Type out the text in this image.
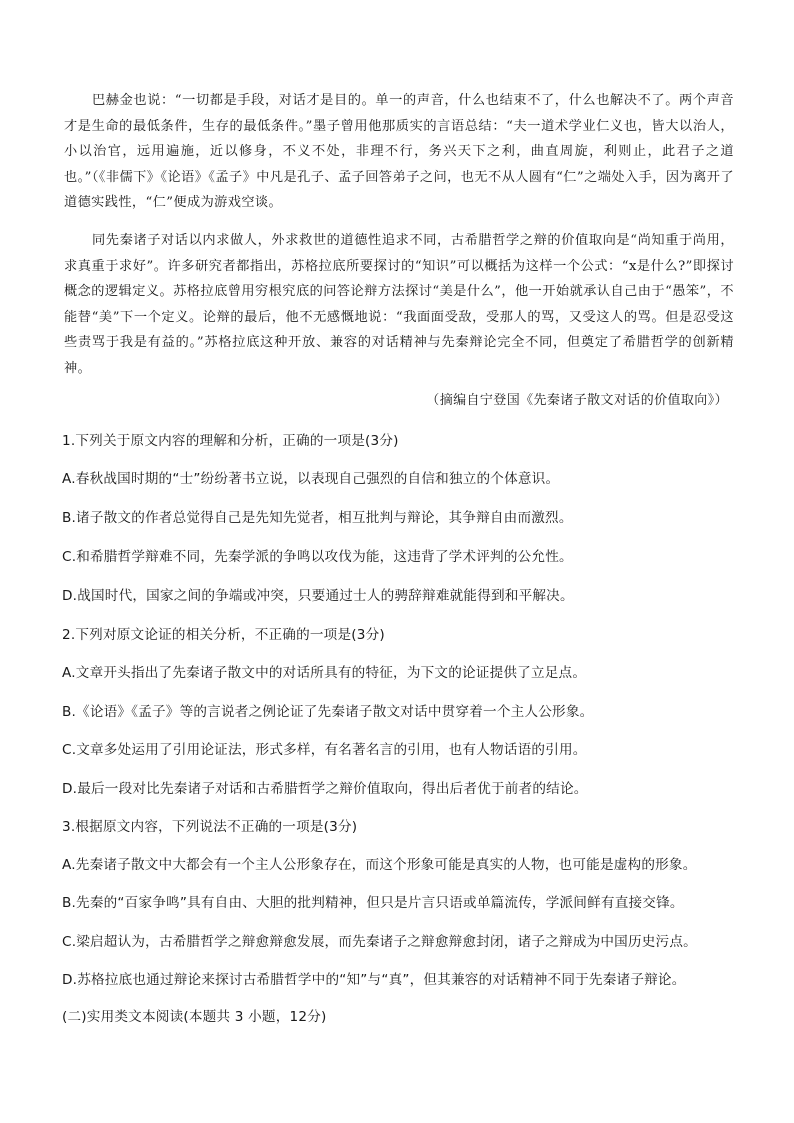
巴赫金也说：“一切都是手段，对话才是目的。单一的声音，什么也结束不了，什么也解决不了。两个声音才是生命的最低条件，生存的最低条件。”墨子曾用他那质实的言语总结：“夫一道术学业仁义也，皆大以治人，小以治官，远用遍施，近以修身，不义不处，非理不行，务兴天下之利，曲直周旋，利则止，此君子之道也。”（《非儒下》《论语》《孟子》中凡是孔子、孟子回答弟子之问，也无不从人圆有“仁”之端处入手，因为离开了道德实践性，“仁”便成为游戏空谈。

同先秦诸子对话以内求做人，外求救世的道德性追求不同，古希腊哲学之辩的价值取向是“尚知重于尚用，求真重于求好”。许多研究者都指出，苏格拉底所要探讨的“知识”可以概括为这样一个公式：“x是什么?”即探讨概念的逻辑定义。苏格拉底曾用穷根究底的问答论辩方法探讨“美是什么”，他一开始就承认自己由于“愚笨”，不能替“美”下一个定义。论辩的最后，他不无感慨地说：“我面面受敌，受那人的骂，又受这人的骂。但是忍受这些责骂于我是有益的。”苏格拉底这种开放、兼容的对话精神与先秦辩论完全不同，但奠定了希腊哲学的创新精神。

（摘编自宁登国《先秦诸子散文对话的价值取向》）

1.下列关于原文内容的理解和分析，正确的一项是(3分)

A.春秋战国时期的“士”纷纷著书立说，以表现自己强烈的自信和独立的个体意识。

B.诸子散文的作者总觉得自己是先知先觉者，相互批判与辩论，其争辩自由而激烈。

C.和希腊哲学辩难不同，先秦学派的争鸣以攻伐为能，这违背了学术评判的公允性。

D.战国时代，国家之间的争端或冲突，只要通过士人的骋辞辩难就能得到和平解决。

2.下列对原文论证的相关分析，不正确的一项是(3分)

A.文章开头指出了先秦诸子散文中的对话所具有的特征，为下文的论证提供了立足点。

B.《论语》《孟子》等的言说者之例论证了先秦诸子散文对话中贯穿着一个主人公形象。

C.文章多处运用了引用论证法，形式多样，有名著名言的引用，也有人物话语的引用。

D.最后一段对比先秦诸子对话和古希腊哲学之辩价值取向，得出后者优于前者的结论。

3.根据原文内容，下列说法不正确的一项是(3分)

A.先秦诸子散文中大都会有一个主人公形象存在，而这个形象可能是真实的人物，也可能是虚构的形象。

B.先秦的“百家争鸣”具有自由、大胆的批判精神，但只是片言只语或单篇流传，学派间鲜有直接交锋。

C.梁启超认为，古希腊哲学之辩愈辩愈发展，而先秦诸子之辩愈辩愈封闭，诸子之辩成为中国历史污点。

D.苏格拉底也通过辩论来探讨古希腊哲学中的“知”与“真”，但其兼容的对话精神不同于先秦诸子辩论。

(二)实用类文本阅读(本题共 3 小题，12分)
